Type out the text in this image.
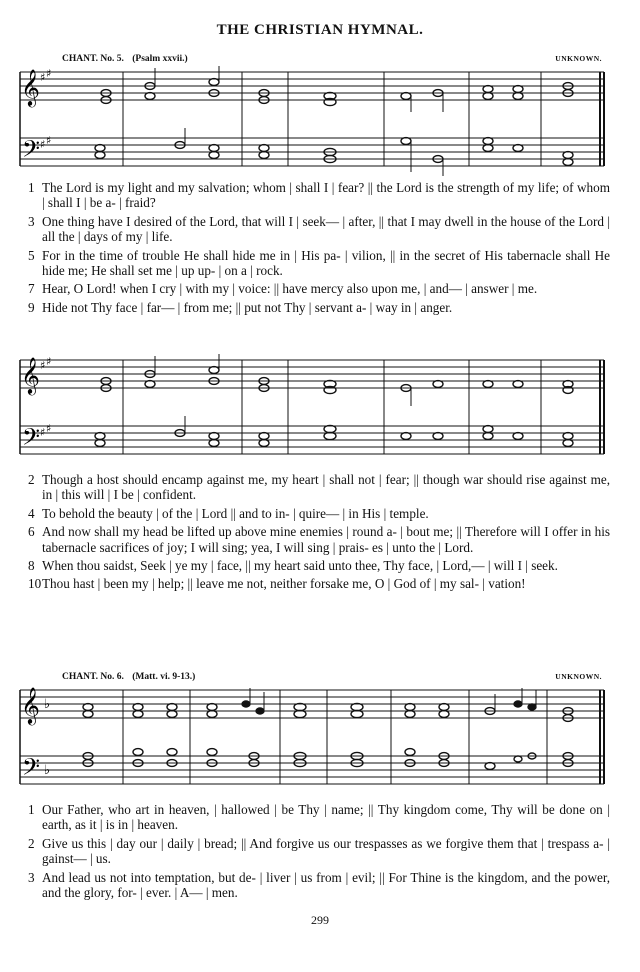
THE CHRISTIAN HYMNAL.
CHANT. No. 5. (Psalm xxvii.)	UNKNOWN.
𝄞
𝄢
♯ ♯
♯ ♯
1 The Lord is my light and my salvation; whom | shall I | fear? || the Lord is the strength of my life; of whom | shall I | be a- | fraid?
3 One thing have I desired of the Lord, that will I | seek— | after, || that I may dwell in the house of the Lord | all the | days of my | life.
5 For in the time of trouble He shall hide me in | His pa- | vilion, || in the secret of His tabernacle shall He hide me; He shall set me | up up- | on a | rock.
7 Hear, O Lord! when I cry | with my | voice: || have mercy also upon me, | and— | answer | me.
9 Hide not Thy face | far— | from me; || put not Thy | servant a- | way in | anger.
𝄞
𝄢
♯ ♯
♯ ♯
2 Though a host should encamp against me, my heart | shall not | fear; || though war should rise against me, in | this will | I be | confident.
4 To behold the beauty | of the | Lord || and to in- | quire— | in His | temple.
6 And now shall my head be lifted up above mine enemies | round a- | bout me; || Therefore will I offer in his tabernacle sacrifices of joy; I will sing; yea, I will sing | prais- es | unto the | Lord.
8 When thou saidst, Seek | ye my | face, || my heart said unto thee, Thy face, | Lord,— | will I | seek.
10 Thou hast | been my | help; || leave me not, neither forsake me, O | God of | my sal- | vation!
CHANT. No. 6. (Matt. vi. 9-13.)	UNKNOWN.
𝄞
𝄢
♭
♭
1 Our Father, who art in heaven, | hallowed | be Thy | name; || Thy kingdom come, Thy will be done on | earth, as it | is in | heaven.
2 Give us this | day our | daily | bread; || And forgive us our trespasses as we forgive them that | trespass a- | gainst— | us.
3 And lead us not into temptation, but de- | liver | us from | evil; || For Thine is the kingdom, and the power, and the glory, for- | ever. | A— | men.
299
